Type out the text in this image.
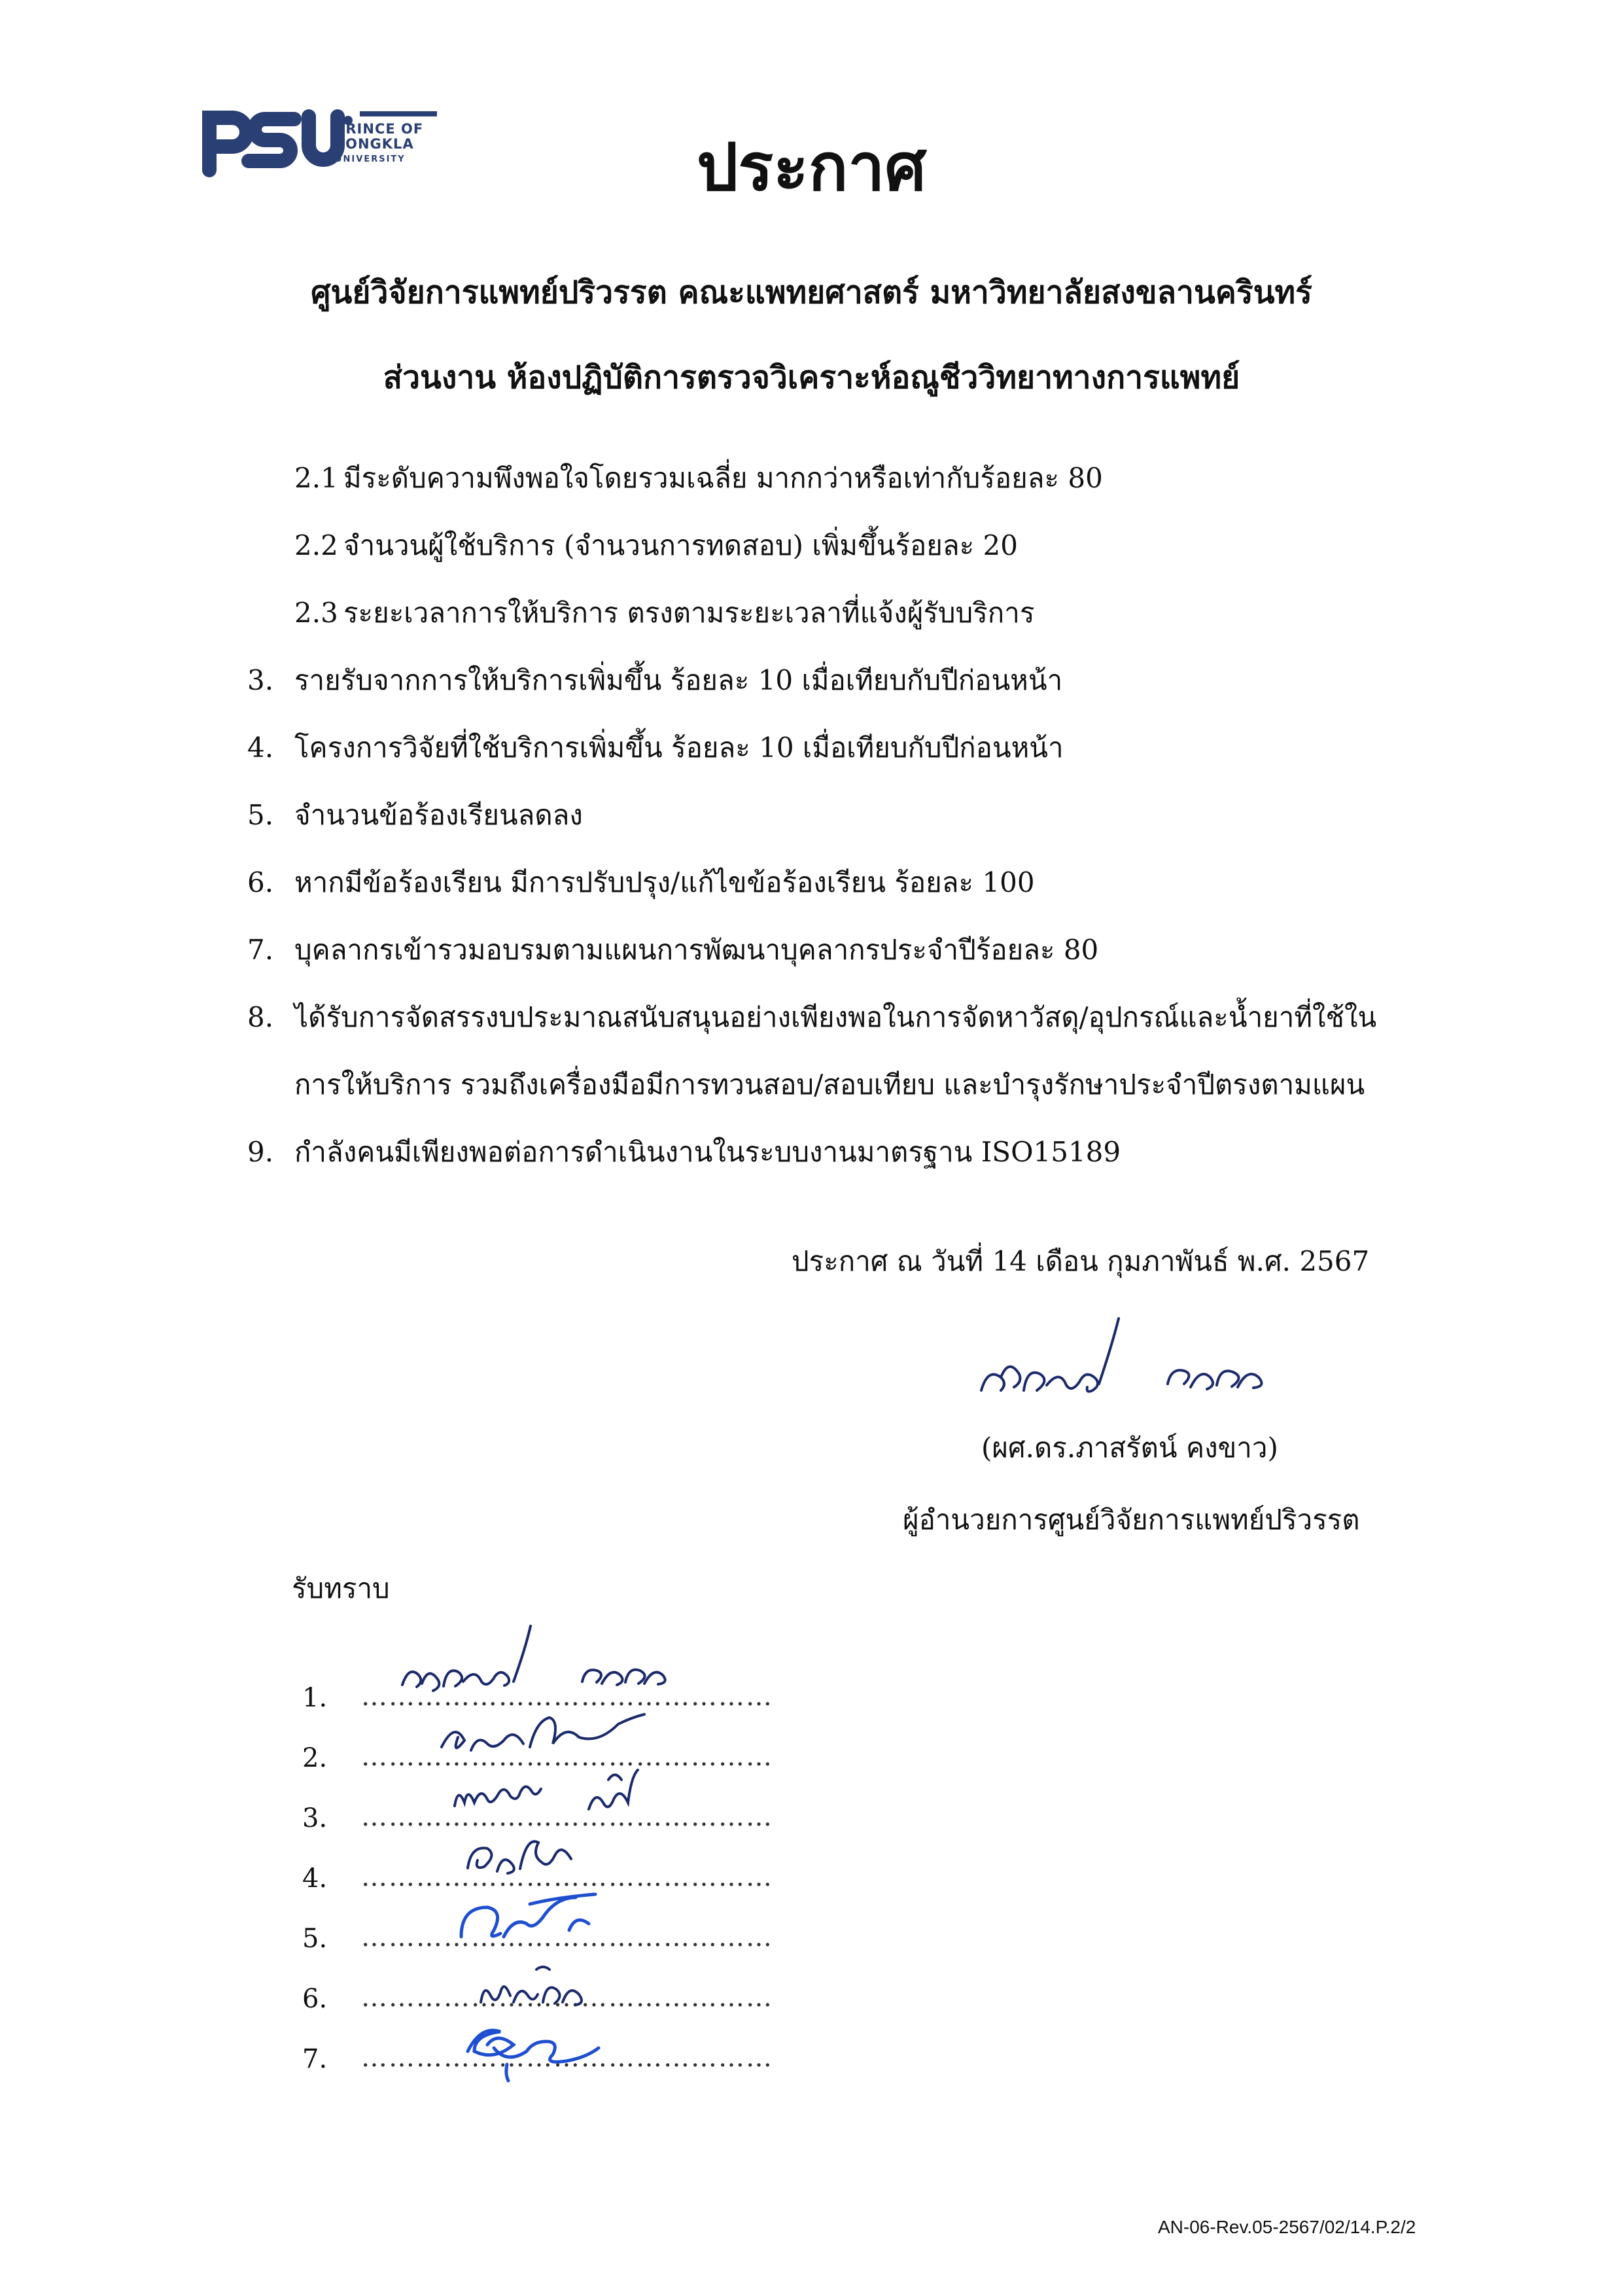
PRINCE OF
SONGKLA
UNIVERSITY	ประกาศ
ศูนย์วิจัยการแพทย์ปริวรรต คณะแพทยศาสตร์ มหาวิทยาลัยสงขลานครินทร์
ส่วนงาน ห้องปฏิบัติการตรวจวิเคราะห์อณูชีววิทยาทางการแพทย์
2.1 มีระดับความพึงพอใจโดยรวมเฉลี่ย มากกว่าหรือเท่ากับร้อยละ 80
2.2 จำนวนผู้ใช้บริการ (จำนวนการทดสอบ) เพิ่มขึ้นร้อยละ 20
2.3 ระยะเวลาการให้บริการ ตรงตามระยะเวลาที่แจ้งผู้รับบริการ
3. รายรับจากการให้บริการเพิ่มขึ้น ร้อยละ 10 เมื่อเทียบกับปีก่อนหน้า
4. โครงการวิจัยที่ใช้บริการเพิ่มขึ้น ร้อยละ 10 เมื่อเทียบกับปีก่อนหน้า
5. จำนวนข้อร้องเรียนลดลง
6. หากมีข้อร้องเรียน มีการปรับปรุง/แก้ไขข้อร้องเรียน ร้อยละ 100
7. บุคลากรเข้ารวมอบรมตามแผนการพัฒนาบุคลากรประจำปีร้อยละ 80
8. ได้รับการจัดสรรงบประมาณสนับสนุนอย่างเพียงพอในการจัดหาวัสดุ/อุปกรณ์และน้ำยาที่ใช้ใน
การให้บริการ รวมถึงเครื่องมือมีการทวนสอบ/สอบเทียบ และบำรุงรักษาประจำปีตรงตามแผน
9. กำลังคนมีเพียงพอต่อการดำเนินงานในระบบงานมาตรฐาน ISO15189
ประกาศ ณ วันที่ 14 เดือน กุมภาพันธ์ พ.ศ. 2567
(ผศ.ดร.ภาสรัตน์ คงขาว)
ผู้อำนวยการศูนย์วิจัยการแพทย์ปริวรรต
รับทราบ
1. ………………………………………
2. ………………………………………
3. ………………………………………
4. ………………………………………
5. ………………………………………
6. ………………………………………
7. ………………………………………
AN-06-Rev.05-2567/02/14.P.2/2
